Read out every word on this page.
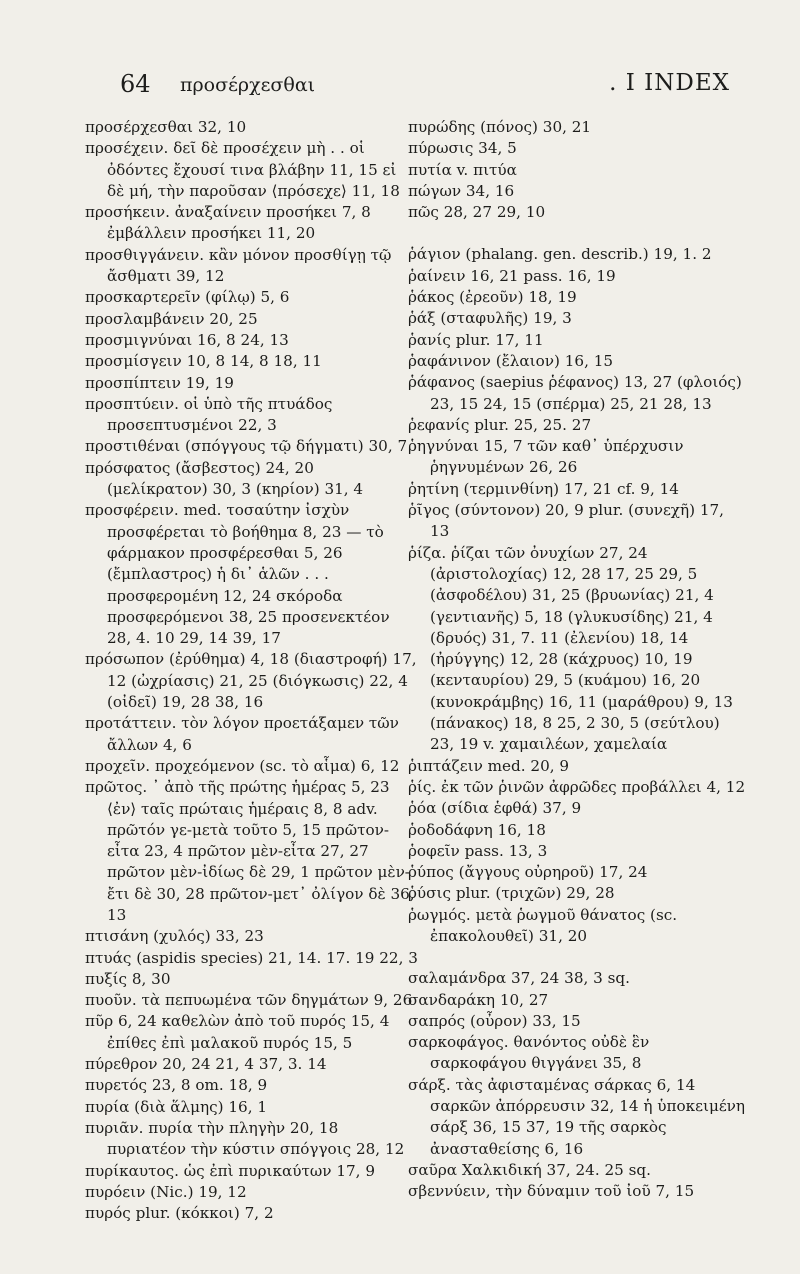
64 προσέρχεσθαι	. I INDEX
προσέρχεσθαι 32, 10
προσέχειν. δεῖ δὲ προσέχειν μὴ . . οἱ ὀδόντες ἔχουσί τινα βλάβην 11, 15 εἰ δὲ μή, τὴν παροῦσαν ⟨πρόσεχε⟩ 11, 18
προσήκειν. ἀναξαίνειν προσήκει 7, 8 ἐμβάλλειν προσήκει 11, 20
προσθιγγάνειν. κἂν μόνον προσθίγῃ τῷ ἄσθματι 39, 12
προσκαρτερεῖν (φίλῳ) 5, 6
προσλαμβάνειν 20, 25
προσμιγνύναι 16, 8 24, 13
προσμίσγειν 10, 8 14, 8 18, 11
προσπίπτειν 19, 19
προσπτύειν. οἱ ὑπὸ τῆς πτυάδος προσεπτυσμένοι 22, 3
προστιθέναι (σπόγγους τῷ δήγματι) 30, 7
πρόσφατος (ἄσβεστος) 24, 20 (μελίκρατον) 30, 3 (κηρίον) 31, 4
προσφέρειν. med. τοσαύτην ἰσχὺν προσφέρεται τὸ βοήθημα 8, 23 — τὸ φάρμακον προσφέρεσθαι 5, 26 (ἔμπλαστρος) ἡ δι᾽ ἁλῶν . . . προσφερομένη 12, 24 σκόροδα προσφερόμενοι 38, 25 προσενεκτέον 28, 4. 10 29, 14 39, 17
πρόσωπον (ἐρύθημα) 4, 18 (διαστροφή) 17, 12 (ὠχρίασις) 21, 25 (διόγκωσις) 22, 4 (οἰδεῖ) 19, 28 38, 16
προτάττειν. τὸν λόγον προετάξαμεν τῶν ἄλλων 4, 6
προχεῖν. προχεόμενον (sc. τὸ αἷμα) 6, 12
πρῶτος. ᾽ ἀπὸ τῆς πρώτης ἡμέρας 5, 23 ⟨ἐν⟩ ταῖς πρώταις ἡμέραις 8, 8 adv. πρῶτόν γε-μετὰ τοῦτο 5, 15 πρῶτον-εἶτα 23, 4 πρῶτον μὲν-εἶτα 27, 27 πρῶτον μὲν-ἰδίως δὲ 29, 1 πρῶτον μὲν-ἔτι δὲ 30, 28 πρῶτον-μετ᾽ ὀλίγον δὲ 36, 13
πτισάνη (χυλός) 33, 23
πτυάς (aspidis species) 21, 14. 17. 19 22, 3
πυξίς 8, 30
πυοῦν. τὰ πεπυωμένα τῶν δηγμάτων 9, 26
πῦρ 6, 24 καθελὼν ἀπὸ τοῦ πυρός 15, 4 ἐπίθες ἐπὶ μαλακοῦ πυρός 15, 5
πύρεθρον 20, 24 21, 4 37, 3. 14
πυρετός 23, 8 om. 18, 9
πυρία (διὰ ἅλμης) 16, 1
πυριᾶν. πυρία τὴν πληγὴν 20, 18 πυριατέον τὴν κύστιν σπόγγοις 28, 12
πυρίκαυτος. ὡς ἐπὶ πυρικαύτων 17, 9
πυρόειν (Nic.) 19, 12
πυρός plur. (κόκκοι) 7, 2
πυρώδης (πόνος) 30, 21
πύρωσις 34, 5
πυτία v. πιτύα
πώγων 34, 16
πῶς 28, 27 29, 10
ῥάγιον (phalang. gen. describ.) 19, 1. 2
ῥαίνειν 16, 21 pass. 16, 19
ῥάκος (ἐρεοῦν) 18, 19
ῥάξ (σταφυλῆς) 19, 3
ῥανίς plur. 17, 11
ῥαφάνινον (ἔλαιον) 16, 15
ῥάφανος (saepius ῥέφανος) 13, 27 (φλοιός) 23, 15 24, 15 (σπέρμα) 25, 21 28, 13
ῥεφανίς plur. 25, 25. 27
ῥηγνύναι 15, 7 τῶν καθ᾽ ὑπέρχυσιν ῥηγνυμένων 26, 26
ῥητίνη (τερμινθίνη) 17, 21 cf. 9, 14
ῥῖγος (σύντονον) 20, 9 plur. (συνεχῆ) 17, 13
ῥίζα. ῥίζαι τῶν ὀνυχίων 27, 24 (ἀριστολοχίας) 12, 28 17, 25 29, 5 (ἀσφοδέλου) 31, 25 (βρυωνίας) 21, 4 (γεντιανῆς) 5, 18 (γλυκυσίδης) 21, 4 (δρυός) 31, 7. 11 (ἐλενίου) 18, 14 (ἠρύγγης) 12, 28 (κάχρυος) 10, 19 (κενταυρίου) 29, 5 (κυάμου) 16, 20 (κυνοκράμβης) 16, 11 (μαράθρου) 9, 13 (πάνακος) 18, 8 25, 2 30, 5 (σεύτλου) 23, 19 v. χαμαιλέων, χαμελαία
ῥιπτάζειν med. 20, 9
ῥίς. ἐκ τῶν ῥινῶν ἀφρῶδες προβάλλει 4, 12
ῥόα (σίδια ἑφθά) 37, 9
ῥοδοδάφνη 16, 18
ῥοφεῖν pass. 13, 3
ῥύπος (ἄγγους οὐρηροῦ) 17, 24
ῥύσις plur. (τριχῶν) 29, 28
ῥωγμός. μετὰ ῥωγμοῦ θάνατος (sc. ἐπακολουθεῖ) 31, 20
σαλαμάνδρα 37, 24 38, 3 sq.
σανδαράκη 10, 27
σαπρός (οὖρον) 33, 15
σαρκοφάγος. θανόντος οὐδὲ ἓν σαρκοφάγου θιγγάνει 35, 8
σάρξ. τὰς ἀφισταμένας σάρκας 6, 14 σαρκῶν ἀπόρρευσιν 32, 14 ἡ ὑποκειμένη σάρξ 36, 15 37, 19 τῆς σαρκὸς ἀνασταθείσης 6, 16
σαῦρα Χαλκιδική 37, 24. 25 sq.
σβεννύειν, τὴν δύναμιν τοῦ ἰοῦ 7, 15
